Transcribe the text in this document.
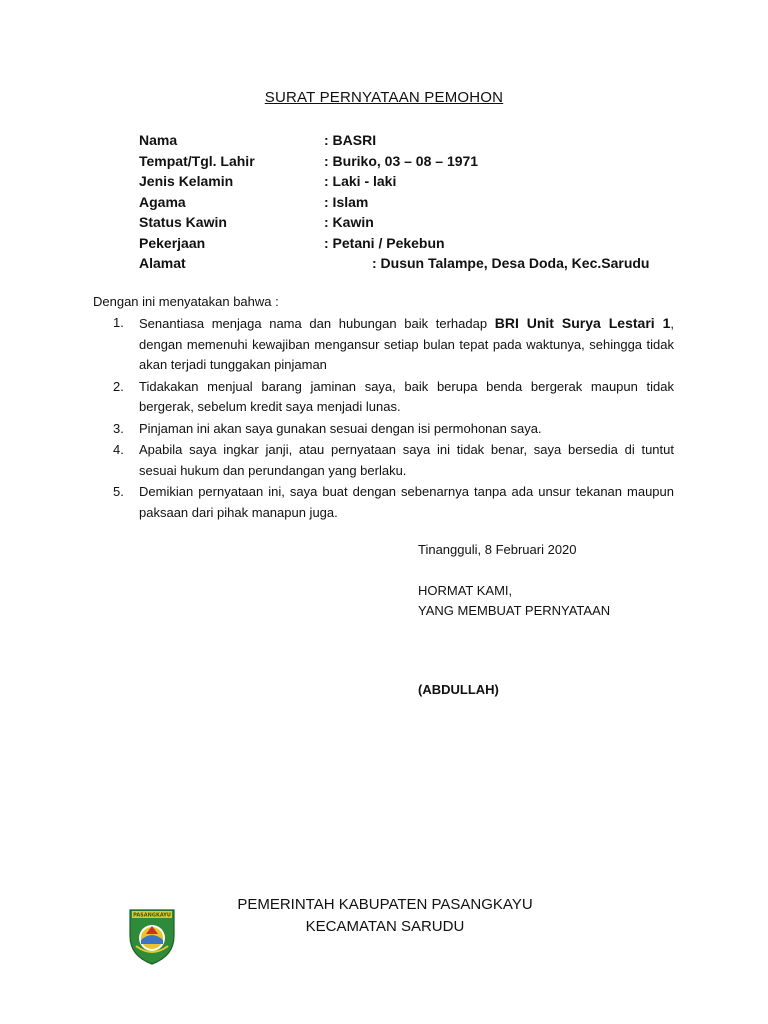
SURAT PERNYATAAN PEMOHON
Nama	: BASRI
Tempat/Tgl. Lahir	: Buriko, 03 – 08 – 1971
Jenis Kelamin	: Laki - laki
Agama	: Islam
Status Kawin	: Kawin
Pekerjaan	: Petani / Pekebun
Alamat	: Dusun Talampe, Desa Doda, Kec.Sarudu
Dengan ini menyatakan bahwa :
1.	Senantiasa menjaga nama dan hubungan baik terhadap BRI Unit Surya Lestari 1, dengan memenuhi kewajiban mengansur setiap bulan tepat pada waktunya, sehingga tidak akan terjadi tunggakan pinjaman
2.	Tidakakan menjual barang jaminan saya, baik berupa benda bergerak maupun tidak bergerak, sebelum kredit saya menjadi lunas.
3.	Pinjaman ini akan saya gunakan sesuai dengan isi permohonan saya.
4.	Apabila saya ingkar janji, atau pernyataan saya ini tidak benar, saya bersedia di tuntut sesuai hukum dan perundangan yang berlaku.
5.	Demikian pernyataan ini, saya buat dengan sebenarnya tanpa ada unsur tekanan maupun paksaan dari pihak manapun juga.
Tinangguli, 8 Februari 2020
HORMAT KAMI,
YANG MEMBUAT PERNYATAAN
(ABDULLAH)
PASANGKAYU
PEMERINTAH KABUPATEN PASANGKAYU
KECAMATAN SARUDU
